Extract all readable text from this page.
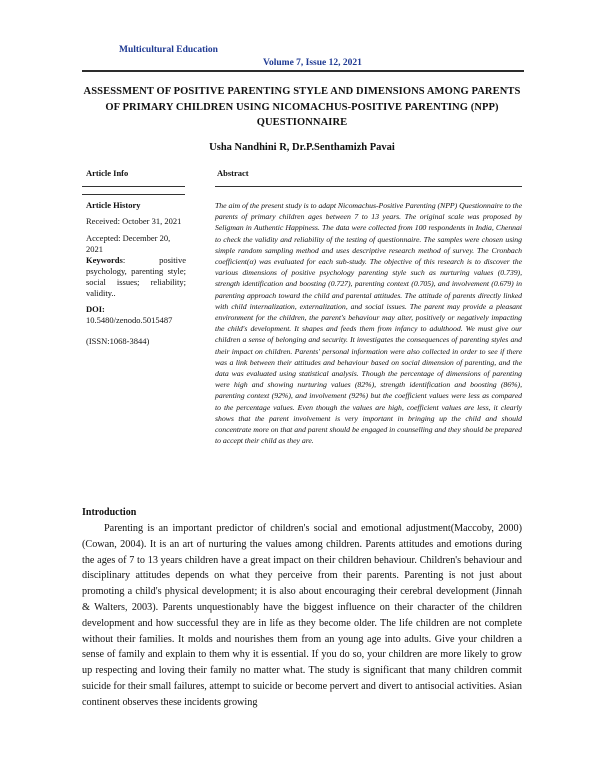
Multicultural Education
Volume 7, Issue 12, 2021
ASSESSMENT OF POSITIVE PARENTING STYLE AND DIMENSIONS AMONG PARENTS OF PRIMARY CHILDREN USING NICOMACHUS-POSITIVE PARENTING (NPP) QUESTIONNAIRE
Usha Nandhini R, Dr.P.Senthamizh Pavai
Article Info	Abstract

Article History

Received: October 31, 2021

Accepted: December 20, 2021

Keywords: positive psychology, parenting style; social issues; reliability; validity..

DOI:

10.5480/zenodo.5015487

(ISSN:1068-3844)

The aim of the present study is to adapt Nicomachus-Positive Parenting (NPP) Questionnaire to the parents of primary children ages between 7 to 13 years. The original scale was proposed by Seligman in Authentic Happiness. The data were collected from 100 respondents in India, Chennai to check the validity and reliability of the testing of questionnaire. The samples were chosen using simple random sampling method and uses descriptive research method of survey. The Cronbach coefficient(α) was evaluated for each sub-study. The objective of this research is to discover the various dimensions of positive psychology parenting style such as nurturing values (0.739), strength identification and boosting (0.727), parenting context (0.705), and involvement (0.679) in parenting approach toward the child and parental attitudes. The attitude of parents directly linked with child internalization, externalization, and social issues. The parent may provide a pleasant environment for the children, the parent's behaviour may alter, positively or negatively impacting the child's development. It shapes and feeds them from infancy to adulthood. We must give our children a sense of belonging and security. It investigates the consequences of parenting styles and their impact on children. Parents' personal information were also collected in order to see if there was a link between their attitudes and behaviour based on social dimension of parenting, and the data was evaluated using statistical analysis. Though the percentage of dimensions of parenting were high and showing nurturing values (82%), strength identification and boosting (86%), parenting context (92%), and involvement (92%) but the coefficient values were less as compared to the percentage values. Even though the values are high, coefficient values are less, it clearly shows that the parent involvement is very important in bringing up the child and should concentrate more on that and parent should be engaged in counselling and they should be prepared to accept their child as they are.

Introduction

Parenting is an important predictor of children's social and emotional adjustment(Maccoby, 2000)(Cowan, 2004). It is an art of nurturing the values among children. Parents attitudes and emotions during the ages of 7 to 13 years children have a great impact on their children behaviour. Children's behaviour and disciplinary attitudes depends on what they perceive from their parents. Parenting is not just about promoting a child's physical development; it is also about encouraging their cerebral development (Jinnah & Walters, 2003). Parents unquestionably have the biggest influence on their character of the children development and how successful they are in life as they become older. The life children are not complete without their families. It molds and nourishes them from an young age into adults. Give your children a sense of family and explain to them why it is essential. If you do so, your children are more likely to grow up respecting and loving their family no matter what. The study is significant that many children commit suicide for their small failures, attempt to suicide or become pervert and divert to antisocial activities. Asian continent observes these incidents growing
